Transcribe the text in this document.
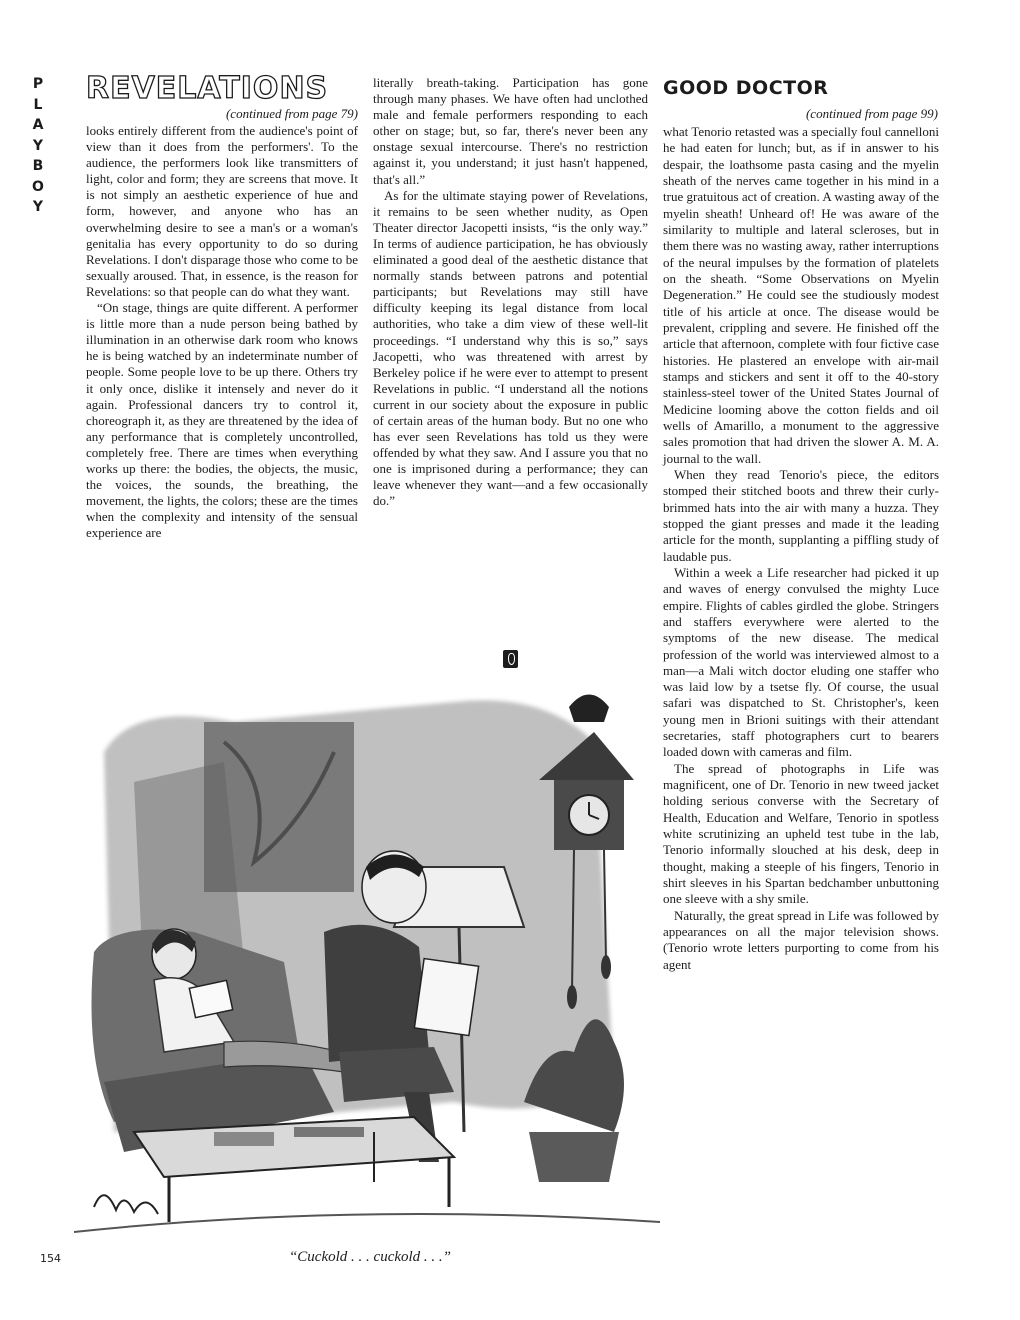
P
L
A
Y
B
O
Y
REVELATIONS
(continued from page 79)

looks entirely different from the audience's point of view than it does from the performers'. To the audience, the performers look like transmitters of light, color and form; they are screens that move. It is not simply an aesthetic experience of hue and form, however, and anyone who has an overwhelming desire to see a man's or a woman's genitalia has every opportunity to do so during Revelations. I don't disparage those who come to be sexually aroused. That, in essence, is the reason for Revelations: so that people can do what they want.

“On stage, things are quite different. A performer is little more than a nude person being bathed by illumination in an otherwise dark room who knows he is being watched by an indeterminate number of people. Some people love to be up there. Others try it only once, dislike it intensely and never do it again. Professional dancers try to control it, choreograph it, as they are threatened by the idea of any performance that is completely uncontrolled, completely free. There are times when everything works up there: the bodies, the objects, the music, the voices, the sounds, the breathing, the movement, the lights, the colors; these are the times when the complexity and intensity of the sensual experience are

literally breath-taking. Participation has gone through many phases. We have often had unclothed male and female performers responding to each other on stage; but, so far, there's never been any onstage sexual intercourse. There's no restriction against it, you understand; it just hasn't happened, that's all.”

As for the ultimate staying power of Revelations, it remains to be seen whether nudity, as Open Theater director Jacopetti insists, “is the only way.” In terms of audience participation, he has obviously eliminated a good deal of the aesthetic distance that normally stands between patrons and potential participants; but Revelations may still have difficulty keeping its legal distance from local authorities, who take a dim view of these well-lit proceedings. “I understand why this is so,” says Jacopetti, who was threatened with arrest by Berkeley police if he were ever to attempt to present Revelations in public. “I understand all the notions current in our society about the exposure in public of certain areas of the human body. But no one who has ever seen Revelations has told us they were offended by what they saw. And I assure you that no one is imprisoned during a performance; they can leave whenever they want—and a few occasionally do.”

GOOD DOCTOR
(continued from page 99)

what Tenorio retasted was a specially foul cannelloni he had eaten for lunch; but, as if in answer to his despair, the loathsome pasta casing and the myelin sheath of the nerves came together in his mind in a true gratuitous act of creation. A wasting away of the myelin sheath! Unheard of! He was aware of the similarity to multiple and lateral scleroses, but in them there was no wasting away, rather interruptions of the neural impulses by the formation of platelets on the sheath. “Some Observations on Myelin Degeneration.” He could see the studiously modest title of his article at once. The disease would be prevalent, crippling and severe. He finished off the article that afternoon, complete with four fictive case histories. He plastered an envelope with air-mail stamps and stickers and sent it off to the 40-story stainless-steel tower of the United States Journal of Medicine looming above the cotton fields and oil wells of Amarillo, a monument to the aggressive sales promotion that had driven the slower A. M. A. journal to the wall.

When they read Tenorio's piece, the editors stomped their stitched boots and threw their curly-brimmed hats into the air with many a huzza. They stopped the giant presses and made it the leading article for the month, supplanting a piffling study of laudable pus.

Within a week a Life researcher had picked it up and waves of energy convulsed the mighty Luce empire. Flights of cables girdled the globe. Stringers and staffers everywhere were alerted to the symptoms of the new disease. The medical profession of the world was interviewed almost to a man—a Mali witch doctor eluding one staffer who was laid low by a tsetse fly. Of course, the usual safari was dispatched to St. Christopher's, keen young men in Brioni suitings with their attendant secretaries, staff photographers curt to bearers loaded down with cameras and film.

The spread of photographs in Life was magnificent, one of Dr. Tenorio in new tweed jacket holding serious converse with the Secretary of Health, Education and Welfare, Tenorio in spotless white scrutinizing an upheld test tube in the lab, Tenorio informally slouched at his desk, deep in thought, making a steeple of his fingers, Tenorio in shirt sleeves in his Spartan bedchamber unbuttoning one sleeve with a shy smile.

Naturally, the great spread in Life was followed by appearances on all the major television shows. (Tenorio wrote letters purporting to come from his agent

“Cuckold . . . cuckold . . .”
154
